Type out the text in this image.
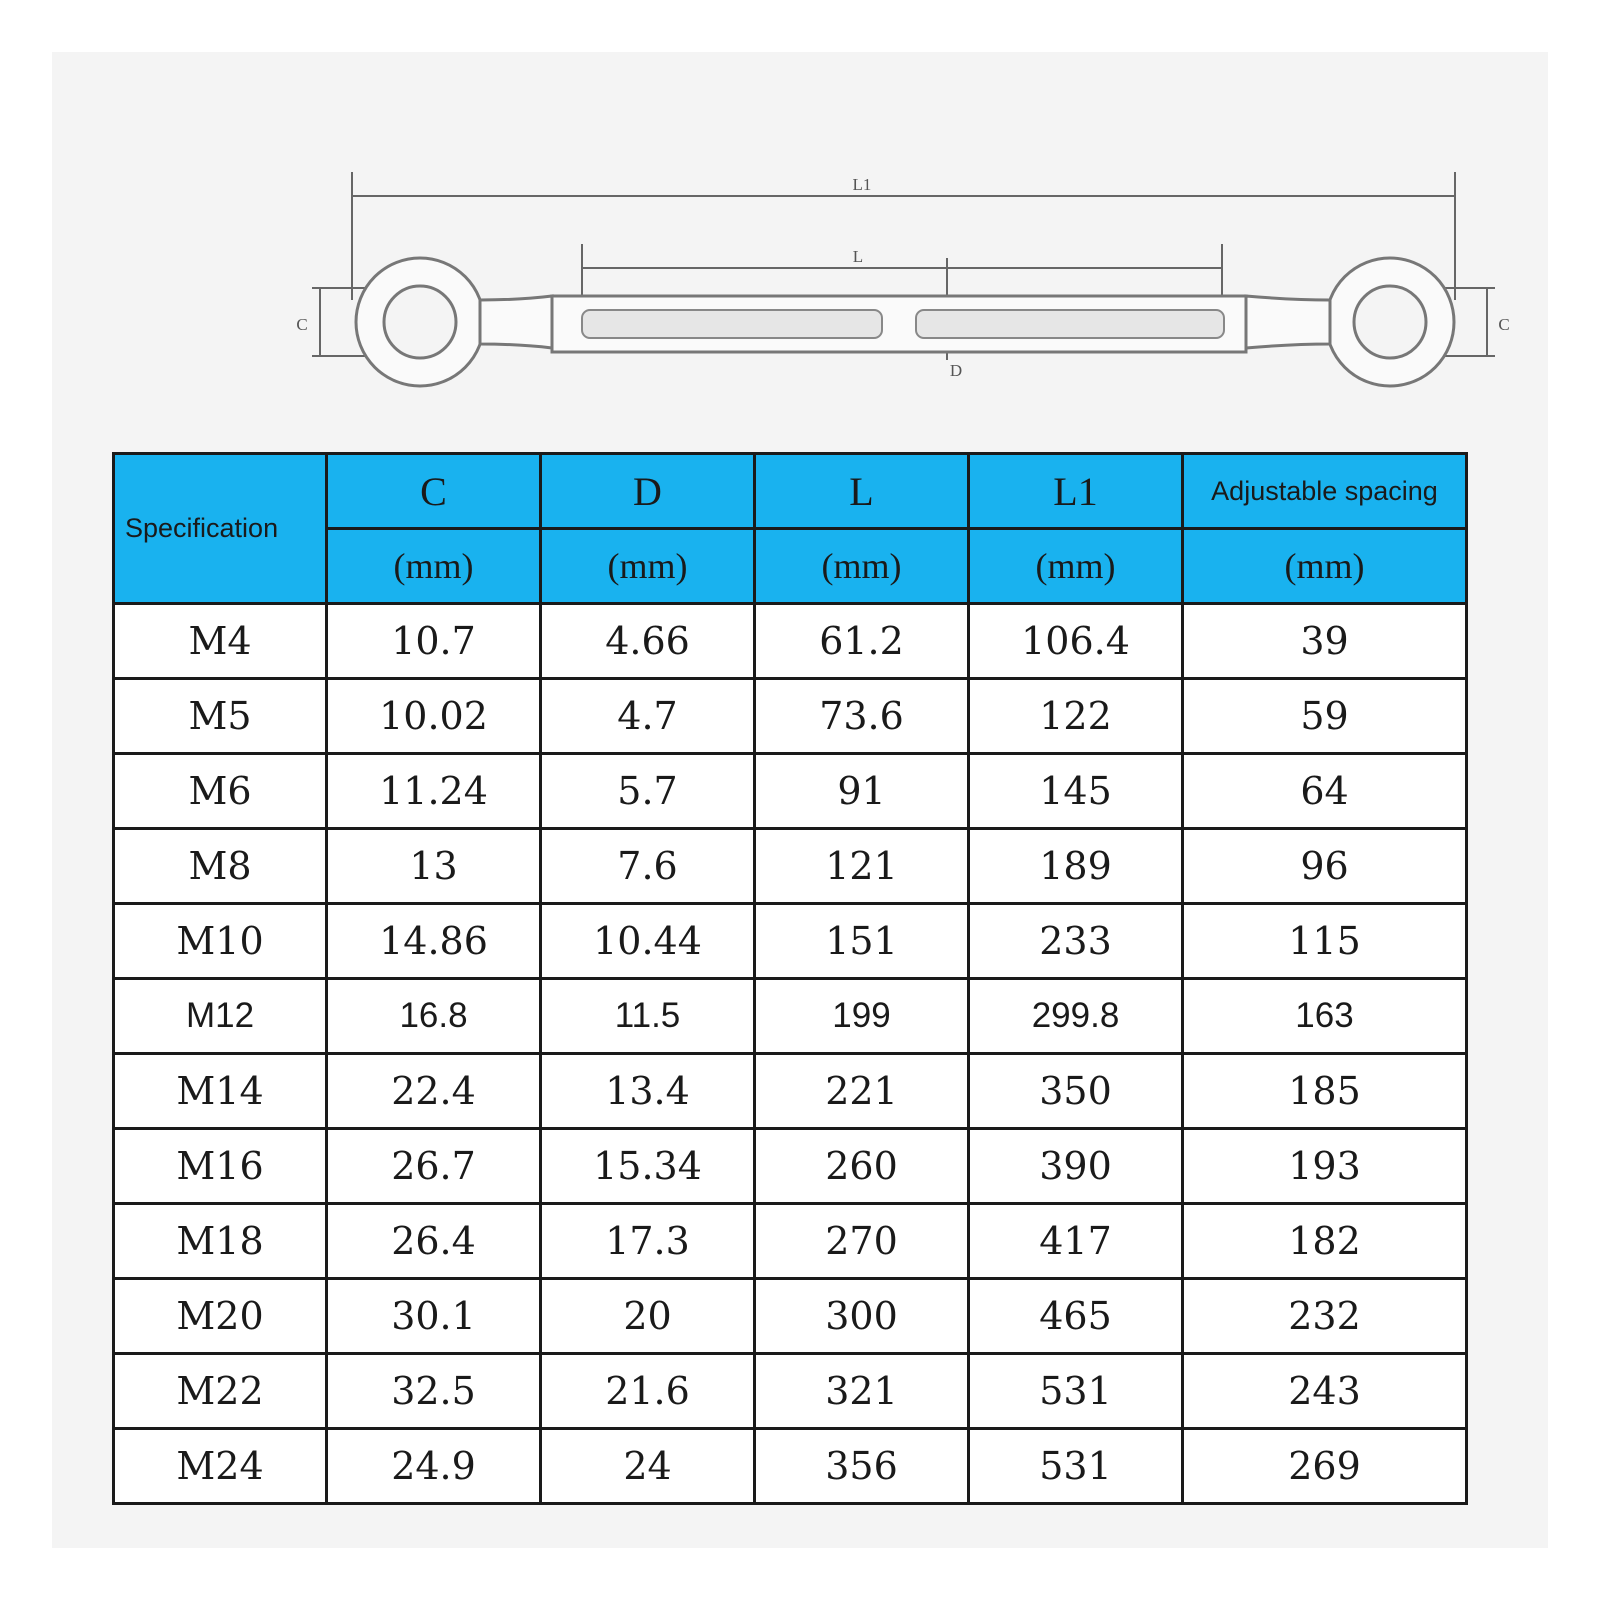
L1
L
C	C
D
Specification	C	D	L	L1	Adjustable spacing
	(mm)	(mm)	(mm)	(mm)	(mm)
M4	10.7	4.66	61.2	106.4	39
M5	10.02	4.7	73.6	122	59
M6	11.24	5.7	91	145	64
M8	13	7.6	121	189	96
M10	14.86	10.44	151	233	115
M12	16.8	11.5	199	299.8	163
M14	22.4	13.4	221	350	185
M16	26.7	15.34	260	390	193
M18	26.4	17.3	270	417	182
M20	30.1	20	300	465	232
M22	32.5	21.6	321	531	243
M24	24.9	24	356	531	269
